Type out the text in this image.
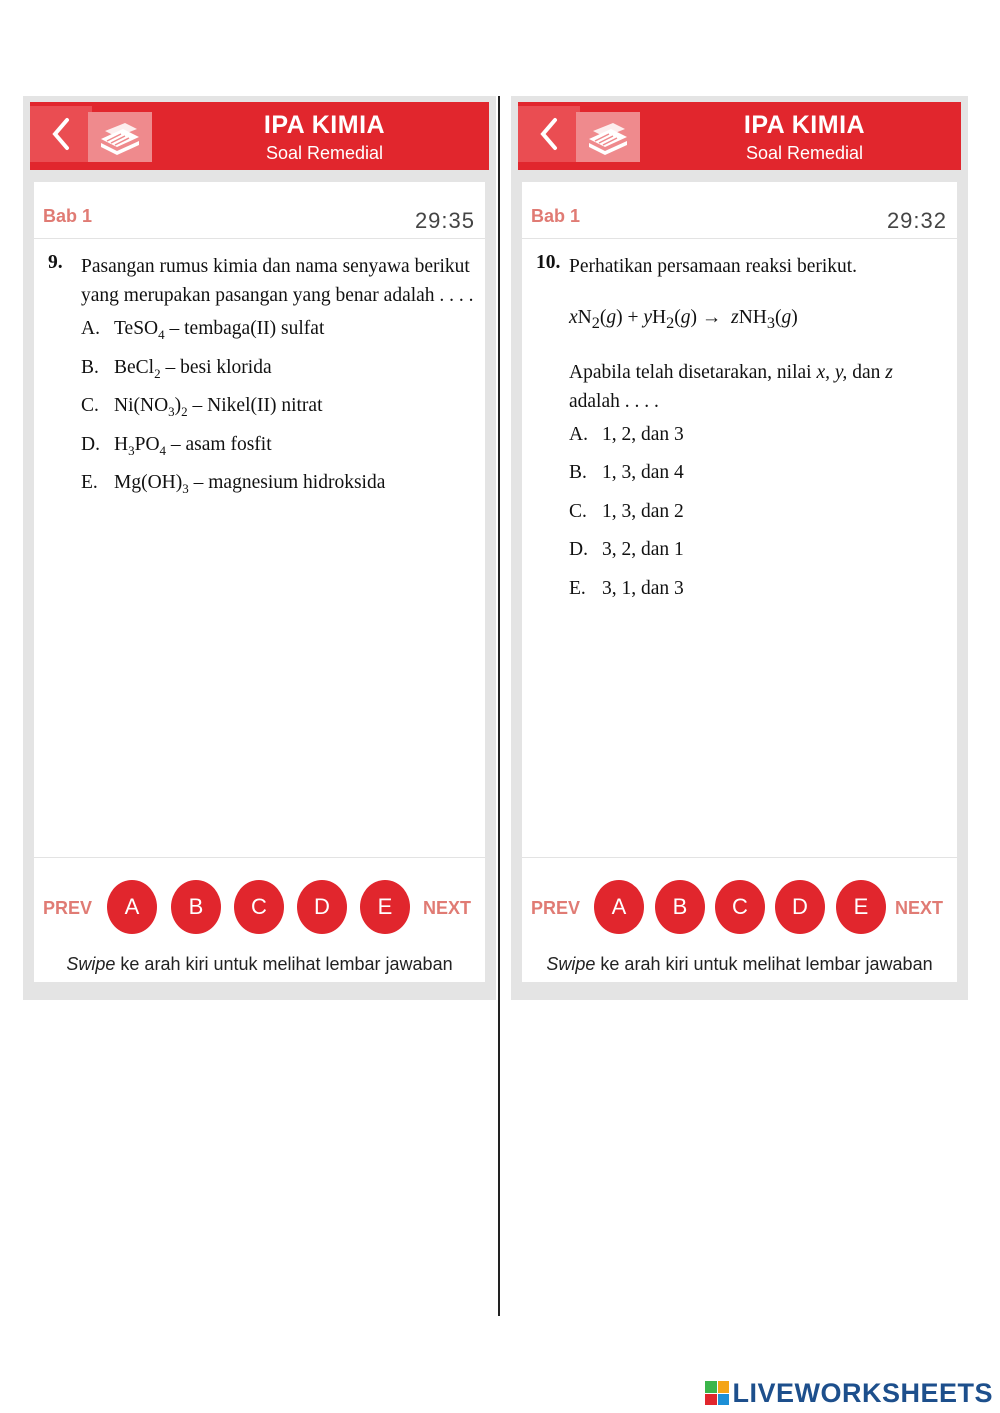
IPA KIMIA
Soal Remedial
Bab 1	29:35
9. Pasangan rumus kimia dan nama senyawa berikut yang merupakan pasangan yang benar adalah . . . .
A. TeSO$_4$ – tembaga(II) sulfat
B. BeCl$_2$ – besi klorida
C. $Ni(NO_3)_2$ – Nikel(II) nitrat
D. $H_3PO_4$ – asam fosfit
E. $Mg(OH)_3$ – magnesium hidroksida
PREV	A	B	C	D	E	NEXT
Swipe ke arah kiri untuk melihat lembar jawaban
IPA KIMIA
Soal Remedial
Bab 1	29:32
10. Perhatikan persamaan reaksi berikut.
$xN_2(g) + yH_2(g) \to zNH_3(g)$
Apabila telah disetarakan, nilai x, y, dan z adalah . . . .
A. 1, 2, dan 3
B. 1, 3, dan 4
C. 1, 3, dan 2
D. 3, 2, dan 1
E. 3, 1, dan 3
PREV	A	B	C	D	E	NEXT
Swipe ke arah kiri untuk melihat lembar jawaban
LIVEWORKSHEETS
